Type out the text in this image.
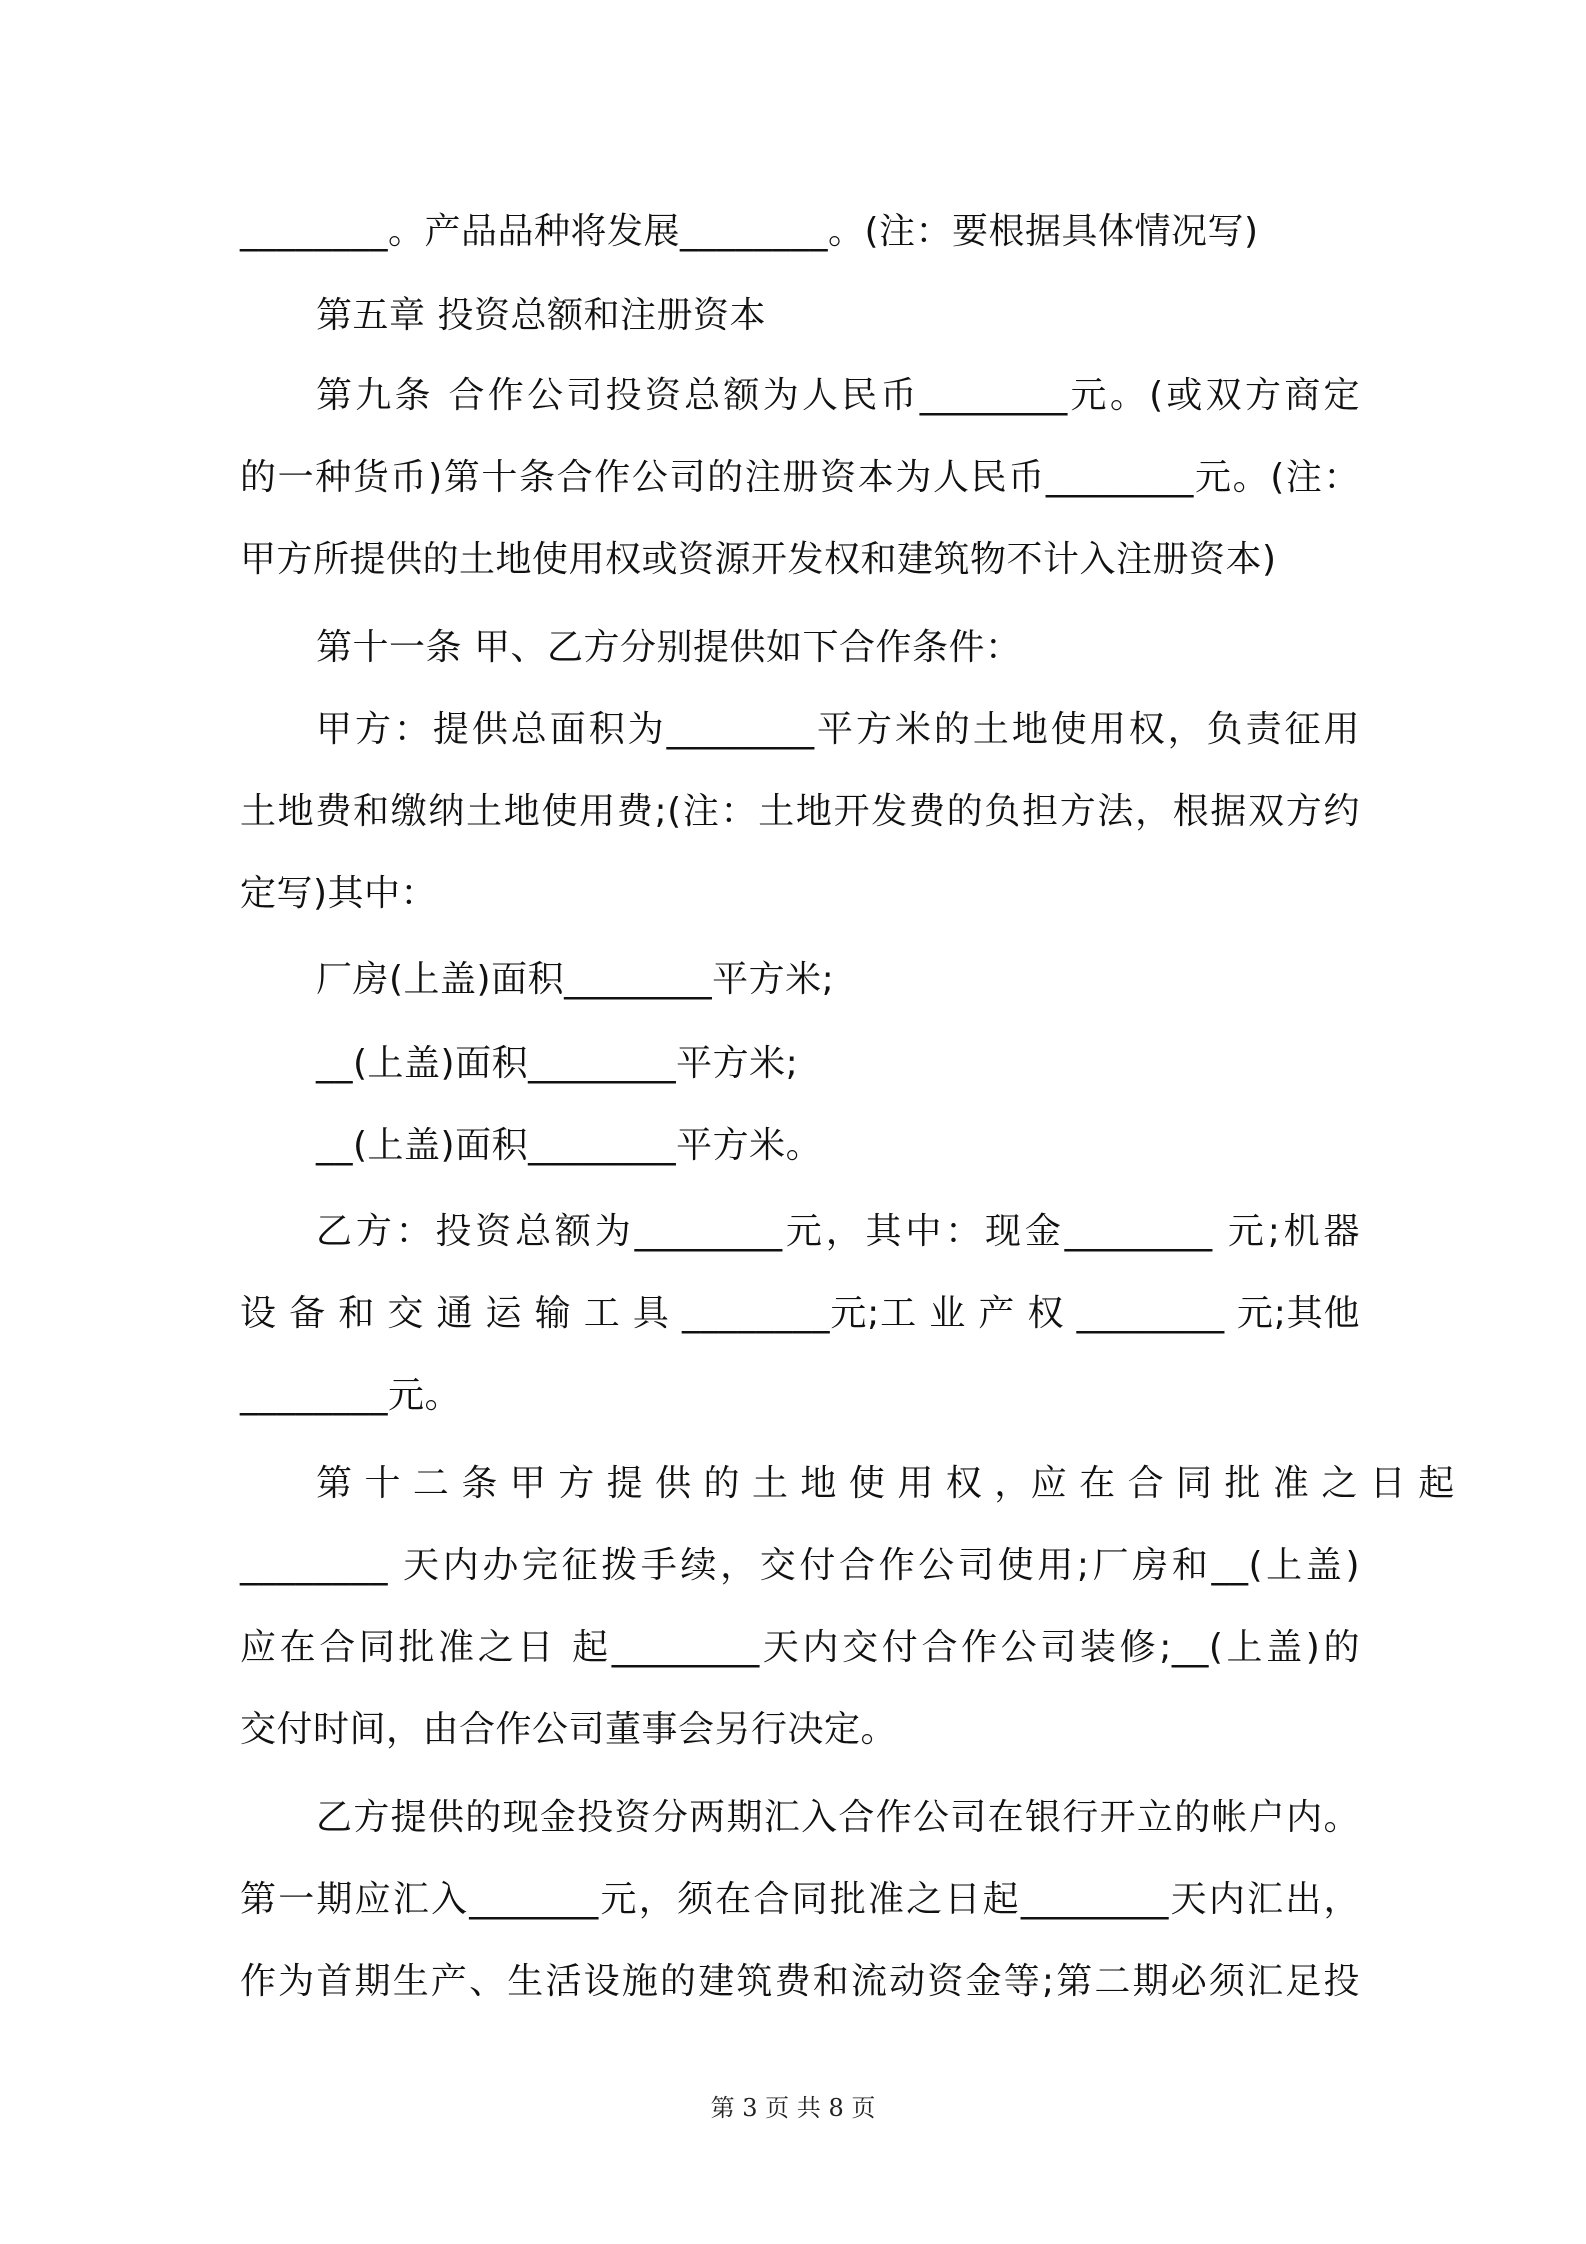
________。产品品种将发展________。(注：要根据具体情况写)
第五章 投资总额和注册资本
第九条 合作公司投资总额为人民币________元。(或双方商定
的一种货币)第十条合作公司的注册资本为人民币________元。(注：
甲方所提供的土地使用权或资源开发权和建筑物不计入注册资本)
第十一条 甲、乙方分别提供如下合作条件：
甲方：提供总面积为________平方米的土地使用权，负责征用
土地费和缴纳土地使用费;(注：土地开发费的负担方法，根据双方约
定写)其中：
厂房(上盖)面积________平方米;
__(上盖)面积________平方米;
__(上盖)面积________平方米。
乙方：投资总额为________元，其中：现金________ 元;机器
设 备 和 交 通 运 输 工 具 ________元;工 业 产 权 ________ 元;其他
________元。
第 十 二 条 甲 方 提 供 的 土 地 使 用 权 ，应 在 合 同 批 准 之 日 起
________ 天内办完征拨手续，交付合作公司使用;厂房和__(上盖)
应在合同批准之日 起________天内交付合作公司装修;__(上盖)的
交付时间，由合作公司董事会另行决定。
乙方提供的现金投资分两期汇入合作公司在银行开立的帐户内。
第一期应汇入_______元，须在合同批准之日起________天内汇出，
作为首期生产、生活设施的建筑费和流动资金等;第二期必须汇足投
第 3 页 共 8 页
